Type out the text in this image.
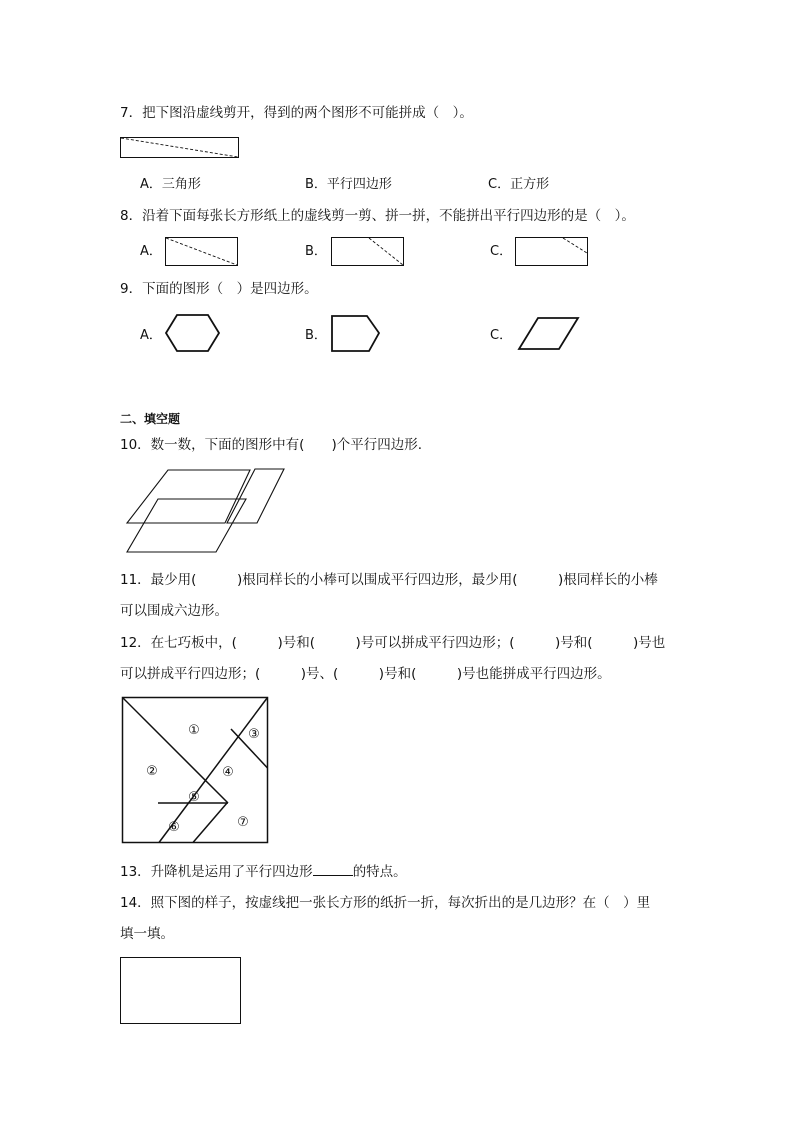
7．把下图沿虚线剪开，得到的两个图形不可能拼成（　）。
A．三角形	B．平行四边形	C．正方形
8．沿着下面每张长方形纸上的虚线剪一剪、拼一拼，不能拼出平行四边形的是（　）。
A．	B．	C．
9．下面的图形（　）是四边形。
A．	B．	C．
二、填空题
10．数一数，下面的图形中有(　　)个平行四边形.
11．最少用(　　　)根同样长的小棒可以围成平行四边形，最少用(　　　)根同样长的小棒
可以围成六边形。
12．在七巧板中，(　　　)号和(　　　)号可以拼成平行四边形；(　　　)号和(　　　)号也
可以拼成平行四边形；(　　　)号、(　　　)号和(　　　)号也能拼成平行四边形。
①
②
③
④
⑤
⑥	⑦
13．升降机是运用了平行四边形	的特点。
14．照下图的样子，按虚线把一张长方形的纸折一折，每次折出的是几边形？在（　）里
填一填。
